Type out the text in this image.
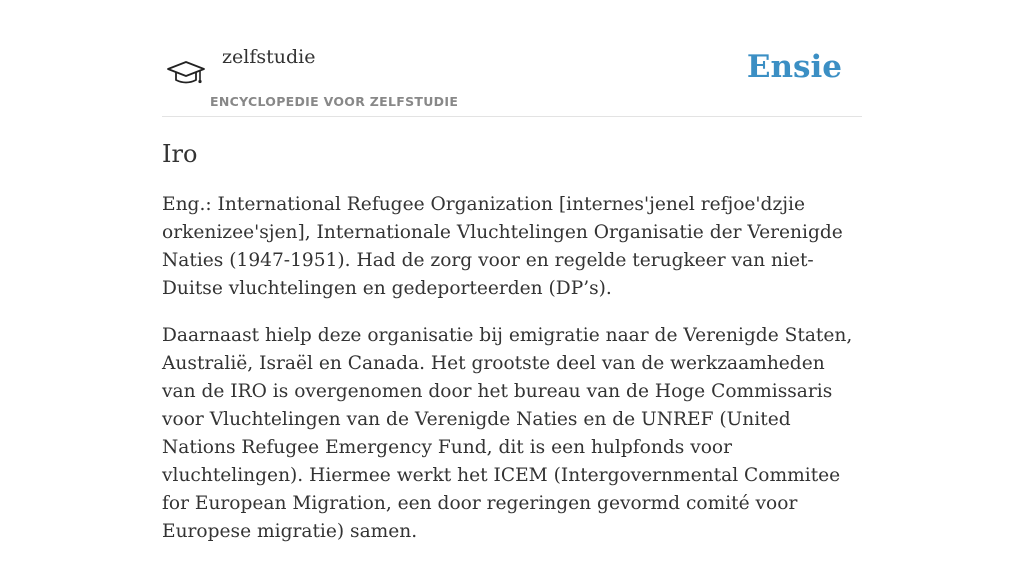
zelfstudie
ENCYCLOPEDIE VOOR ZELFSTUDIE
Ensie
Iro

Eng.: International Refugee Organization [internes'jenel refjoe'dzjie orkenizee'sjen], Internationale Vluchtelingen Organisatie der Verenigde Naties (1947-1951). Had de zorg voor en regelde terugkeer van niet-Duitse vluchtelingen en gedeporteerden (DP’s).

Daarnaast hielp deze organisatie bij emigratie naar de Verenigde Staten, Australië, Israël en Canada. Het grootste deel van de werkzaamheden van de IRO is overgenomen door het bureau van de Hoge Commissaris voor Vluchtelingen van de Verenigde Naties en de UNREF (United Nations Refugee Emergency Fund, dit is een hulpfonds voor vluchtelingen). Hiermee werkt het ICEM (Intergovernmental Commitee for European Migration, een door regeringen gevormd comité voor Europese migratie) samen.
